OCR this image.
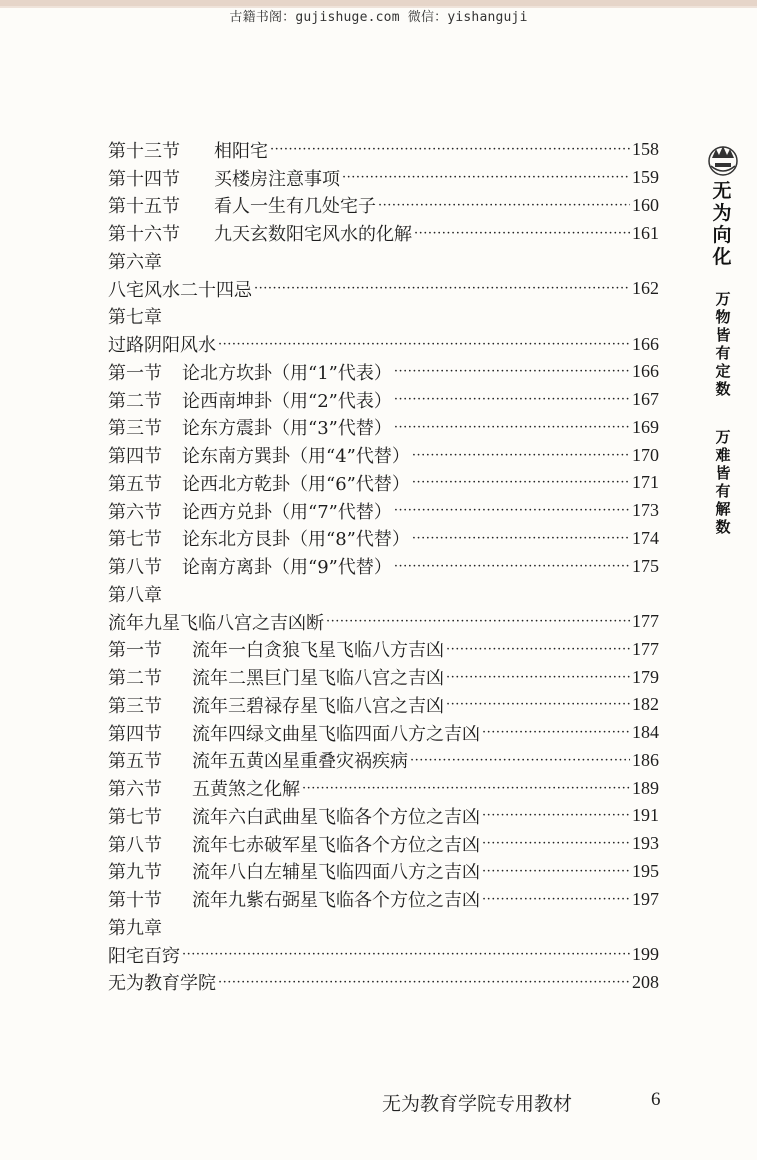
古籍书阁：gujishuge.com 微信：yishanguji
第十三节 相阳宅 ·····	158
第十四节 买楼房注意事项 ·····	159
第十五节 看人一生有几处宅子 ·····	160
第十六节 九天玄数阳宅风水的化解 ·····	161
第六章
八宅风水二十四忌 ·····	162
第七章
过路阴阳风水 ·····	166
第一节 论北方坎卦（用“1”代表） ·····	166
第二节 论西南坤卦（用“2”代表） ·····	167
第三节 论东方震卦（用“3”代替） ·····	169
第四节 论东南方巽卦（用“4”代替） ·····	170
第五节 论西北方乾卦（用“6”代替） ·····	171
第六节 论西方兑卦（用“7”代替） ·····	173
第七节 论东北方艮卦（用“8”代替） ·····	174
第八节 论南方离卦（用“9”代替） ·····	175
第八章
流年九星飞临八宫之吉凶断 ·····	177
第一节 流年一白贪狼飞星飞临八方吉凶 ·····	177
第二节 流年二黑巨门星飞临八宫之吉凶 ·····	179
第三节 流年三碧禄存星飞临八宫之吉凶 ·····	182
第四节 流年四绿文曲星飞临四面八方之吉凶 ·····	184
第五节 流年五黄凶星重叠灾祸疾病 ·····	186
第六节 五黄煞之化解 ·····	189
第七节 流年六白武曲星飞临各个方位之吉凶 ·····	191
第八节 流年七赤破军星飞临各个方位之吉凶 ·····	193
第九节 流年八白左辅星飞临四面八方之吉凶 ·····	195
第十节 流年九紫右弼星飞临各个方位之吉凶 ·····	197
第九章
阳宅百窍 ·····	199
无为教育学院 ·····	208
无
为
向
化
万
物
皆
有
定
数
万
难
皆
有
解
数
无为教育学院专用教材	6
